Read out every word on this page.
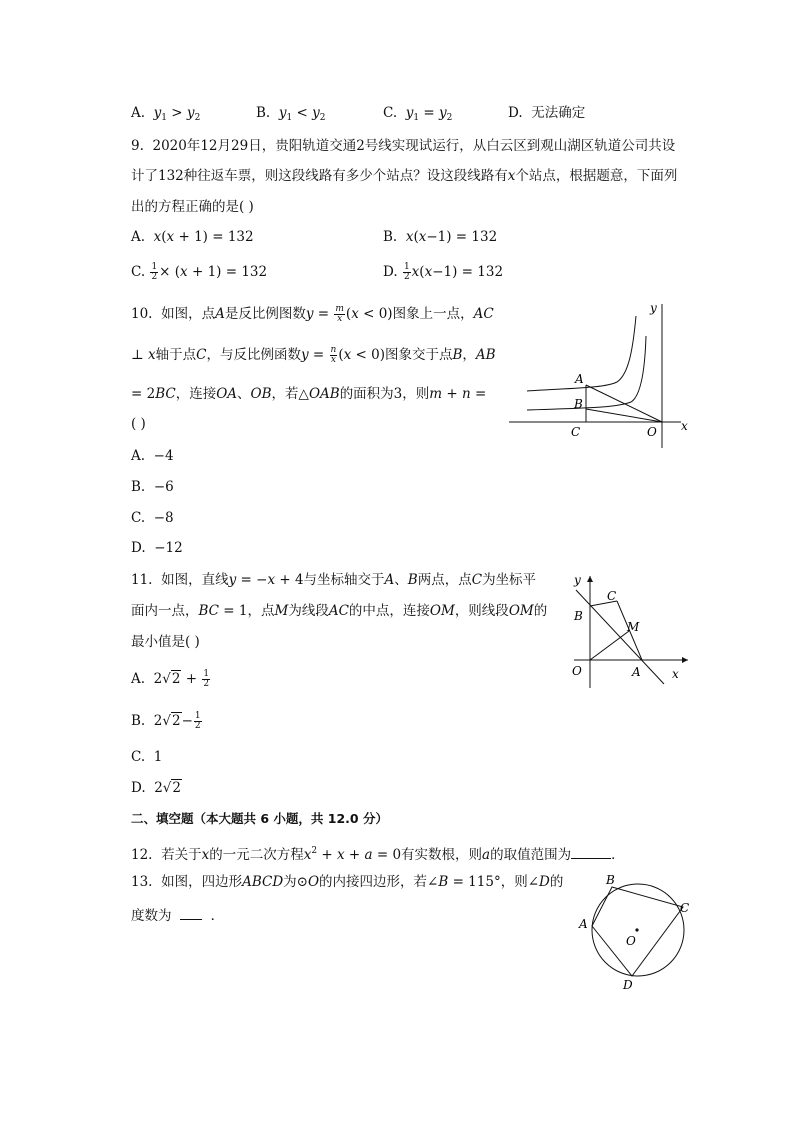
A. $y_1 > y_2$	B. $y_1 < y_2$	C. $y_1 = y_2$	D. 无法确定
9. 2020年12月29日，贵阳轨道交通2号线实现试运行，从白云区到观山湖区轨道公司共设
计了132种往返车票，则这段线路有多少个站点？设这段线路有x个站点，根据题意，下面列
出的方程正确的是( )
A. x(x + 1) = 132	B. x(x−1) = 132
C. $\frac{1}{2} \times (x + 1) = 132$	D. $\frac{1}{2} x(x-1) = 132$
10. 如图，点A是反比例图数$y = \frac{m}{x} (x < 0)$图象上一点，AC
⊥ x轴于点C，与反比例函数$y = \frac{n}{x} (x < 0)$图象交于点B，AB
= 2BC，连接OA、OB，若△OAB的面积为3，则m + n =
( )
A. −4
B. −6
C. −8
D. −12
y
x
A
B
C	O
11. 如图，直线y = −x + 4与坐标轴交于A、B两点，点C为坐标平
面内一点，BC = 1，点M为线段AC的中点，连接OM，则线段OM的
最小值是( )
A.  $2√2 + \frac{1}{2}$
B.  $2√2- \frac{1}{2}$
C. 1
D.  2√2
y
x
B
C
M
O	A
二、填空题（本大题共 6 小题，共 12.0 分）
12. 若关于x的一元二次方程$x^2 + x + a = 0$有实数根，则a的取值范围为	．
13. 如图，四边形ABCD为⊙O的内接四边形，若∠B = 115°，则∠D的
度数为    ．
B
C
A
O
D
